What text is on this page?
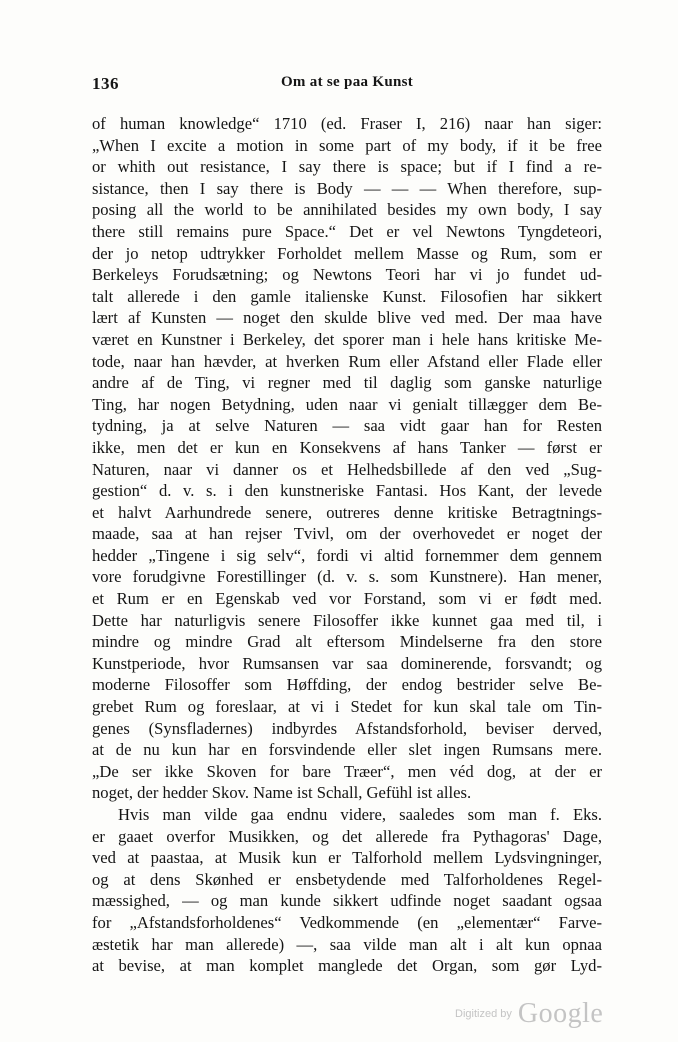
136	Om at se paa Kunst
of human knowledge“ 1710 (ed. Fraser I, 216) naar han siger:
„When I excite a motion in some part of my body, if it be free
or whith out resistance, I say there is space; but if I find a re-
sistance, then I say there is Body — — — When therefore, sup-
posing all the world to be annihilated besides my own body, I say
there still remains pure Space.“ Det er vel Newtons Tyngdeteori,
der jo netop udtrykker Forholdet mellem Masse og Rum, som er
Berkeleys Forudsætning; og Newtons Teori har vi jo fundet ud-
talt allerede i den gamle italienske Kunst. Filosofien har sikkert
lært af Kunsten — noget den skulde blive ved med. Der maa have
været en Kunstner i Berkeley, det sporer man i hele hans kritiske Me-
tode, naar han hævder, at hverken Rum eller Afstand eller Flade eller
andre af de Ting, vi regner med til daglig som ganske naturlige
Ting, har nogen Betydning, uden naar vi genialt tillægger dem Be-
tydning, ja at selve Naturen — saa vidt gaar han for Resten
ikke, men det er kun en Konsekvens af hans Tanker — først er
Naturen, naar vi danner os et Helhedsbillede af den ved „Sug-
gestion“ d. v. s. i den kunstneriske Fantasi. Hos Kant, der levede
et halvt Aarhundrede senere, outreres denne kritiske Betragtnings-
maade, saa at han rejser Tvivl, om der overhovedet er noget der
hedder „Tingene i sig selv“, fordi vi altid fornemmer dem gennem
vore forudgivne Forestillinger (d. v. s. som Kunstnere). Han mener,
et Rum er en Egenskab ved vor Forstand, som vi er født med.
Dette har naturligvis senere Filosoffer ikke kunnet gaa med til, i
mindre og mindre Grad alt eftersom Mindelserne fra den store
Kunstperiode, hvor Rumsansen var saa dominerende, forsvandt; og
moderne Filosoffer som Høffding, der endog bestrider selve Be-
grebet Rum og foreslaar, at vi i Stedet for kun skal tale om Tin-
genes (Synsfladernes) indbyrdes Afstandsforhold, beviser derved,
at de nu kun har en forsvindende eller slet ingen Rumsans mere.
„De ser ikke Skoven for bare Træer“, men véd dog, at der er
noget, der hedder Skov. Name ist Schall, Gefühl ist alles.
Hvis man vilde gaa endnu videre, saaledes som man f. Eks.
er gaaet overfor Musikken, og det allerede fra Pythagoras' Dage,
ved at paastaa, at Musik kun er Talforhold mellem Lydsvingninger,
og at dens Skønhed er ensbetydende med Talforholdenes Regel-
mæssighed, — og man kunde sikkert udfinde noget saadant ogsaa
for „Afstandsforholdenes“ Vedkommende (en „elementær“ Farve-
æstetik har man allerede) —, saa vilde man alt i alt kun opnaa
at bevise, at man komplet manglede det Organ, som gør Lyd-
Digitized by Google
